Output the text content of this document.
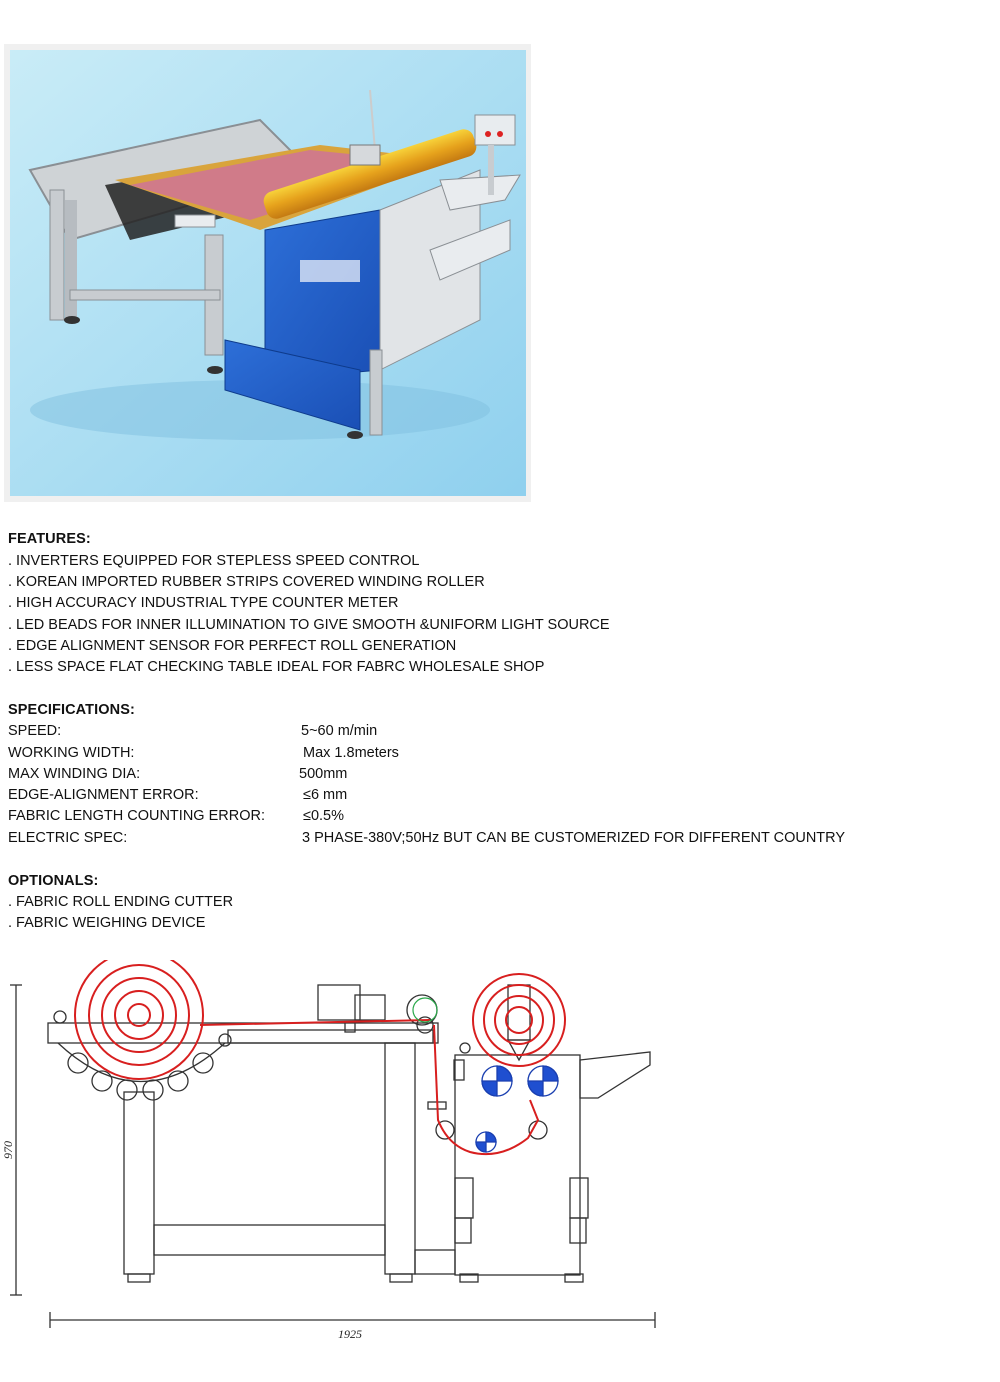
FEATURES:
. INVERTERS EQUIPPED FOR STEPLESS SPEED CONTROL
. KOREAN IMPORTED RUBBER STRIPS COVERED WINDING ROLLER
. HIGH ACCURACY INDUSTRIAL TYPE COUNTER METER
. LED BEADS FOR INNER ILLUMINATION TO GIVE SMOOTH &UNIFORM LIGHT SOURCE
. EDGE ALIGNMENT SENSOR FOR PERFECT ROLL GENERATION
. LESS SPACE FLAT CHECKING TABLE IDEAL FOR FABRC WHOLESALE SHOP
SPECIFICATIONS:
SPEED:	5~60 m/min
WORKING WIDTH:	Max 1.8meters
MAX WINDING DIA:	500mm
EDGE-ALIGNMENT ERROR:	≤6 mm
FABRIC LENGTH COUNTING ERROR:	≤0.5%
ELECTRIC SPEC:	3 PHASE-380V;50Hz BUT CAN BE CUSTOMERIZED FOR DIFFERENT COUNTRY
OPTIONALS:
. FABRIC ROLL ENDING CUTTER
. FABRIC WEIGHING DEVICE
970
1925
